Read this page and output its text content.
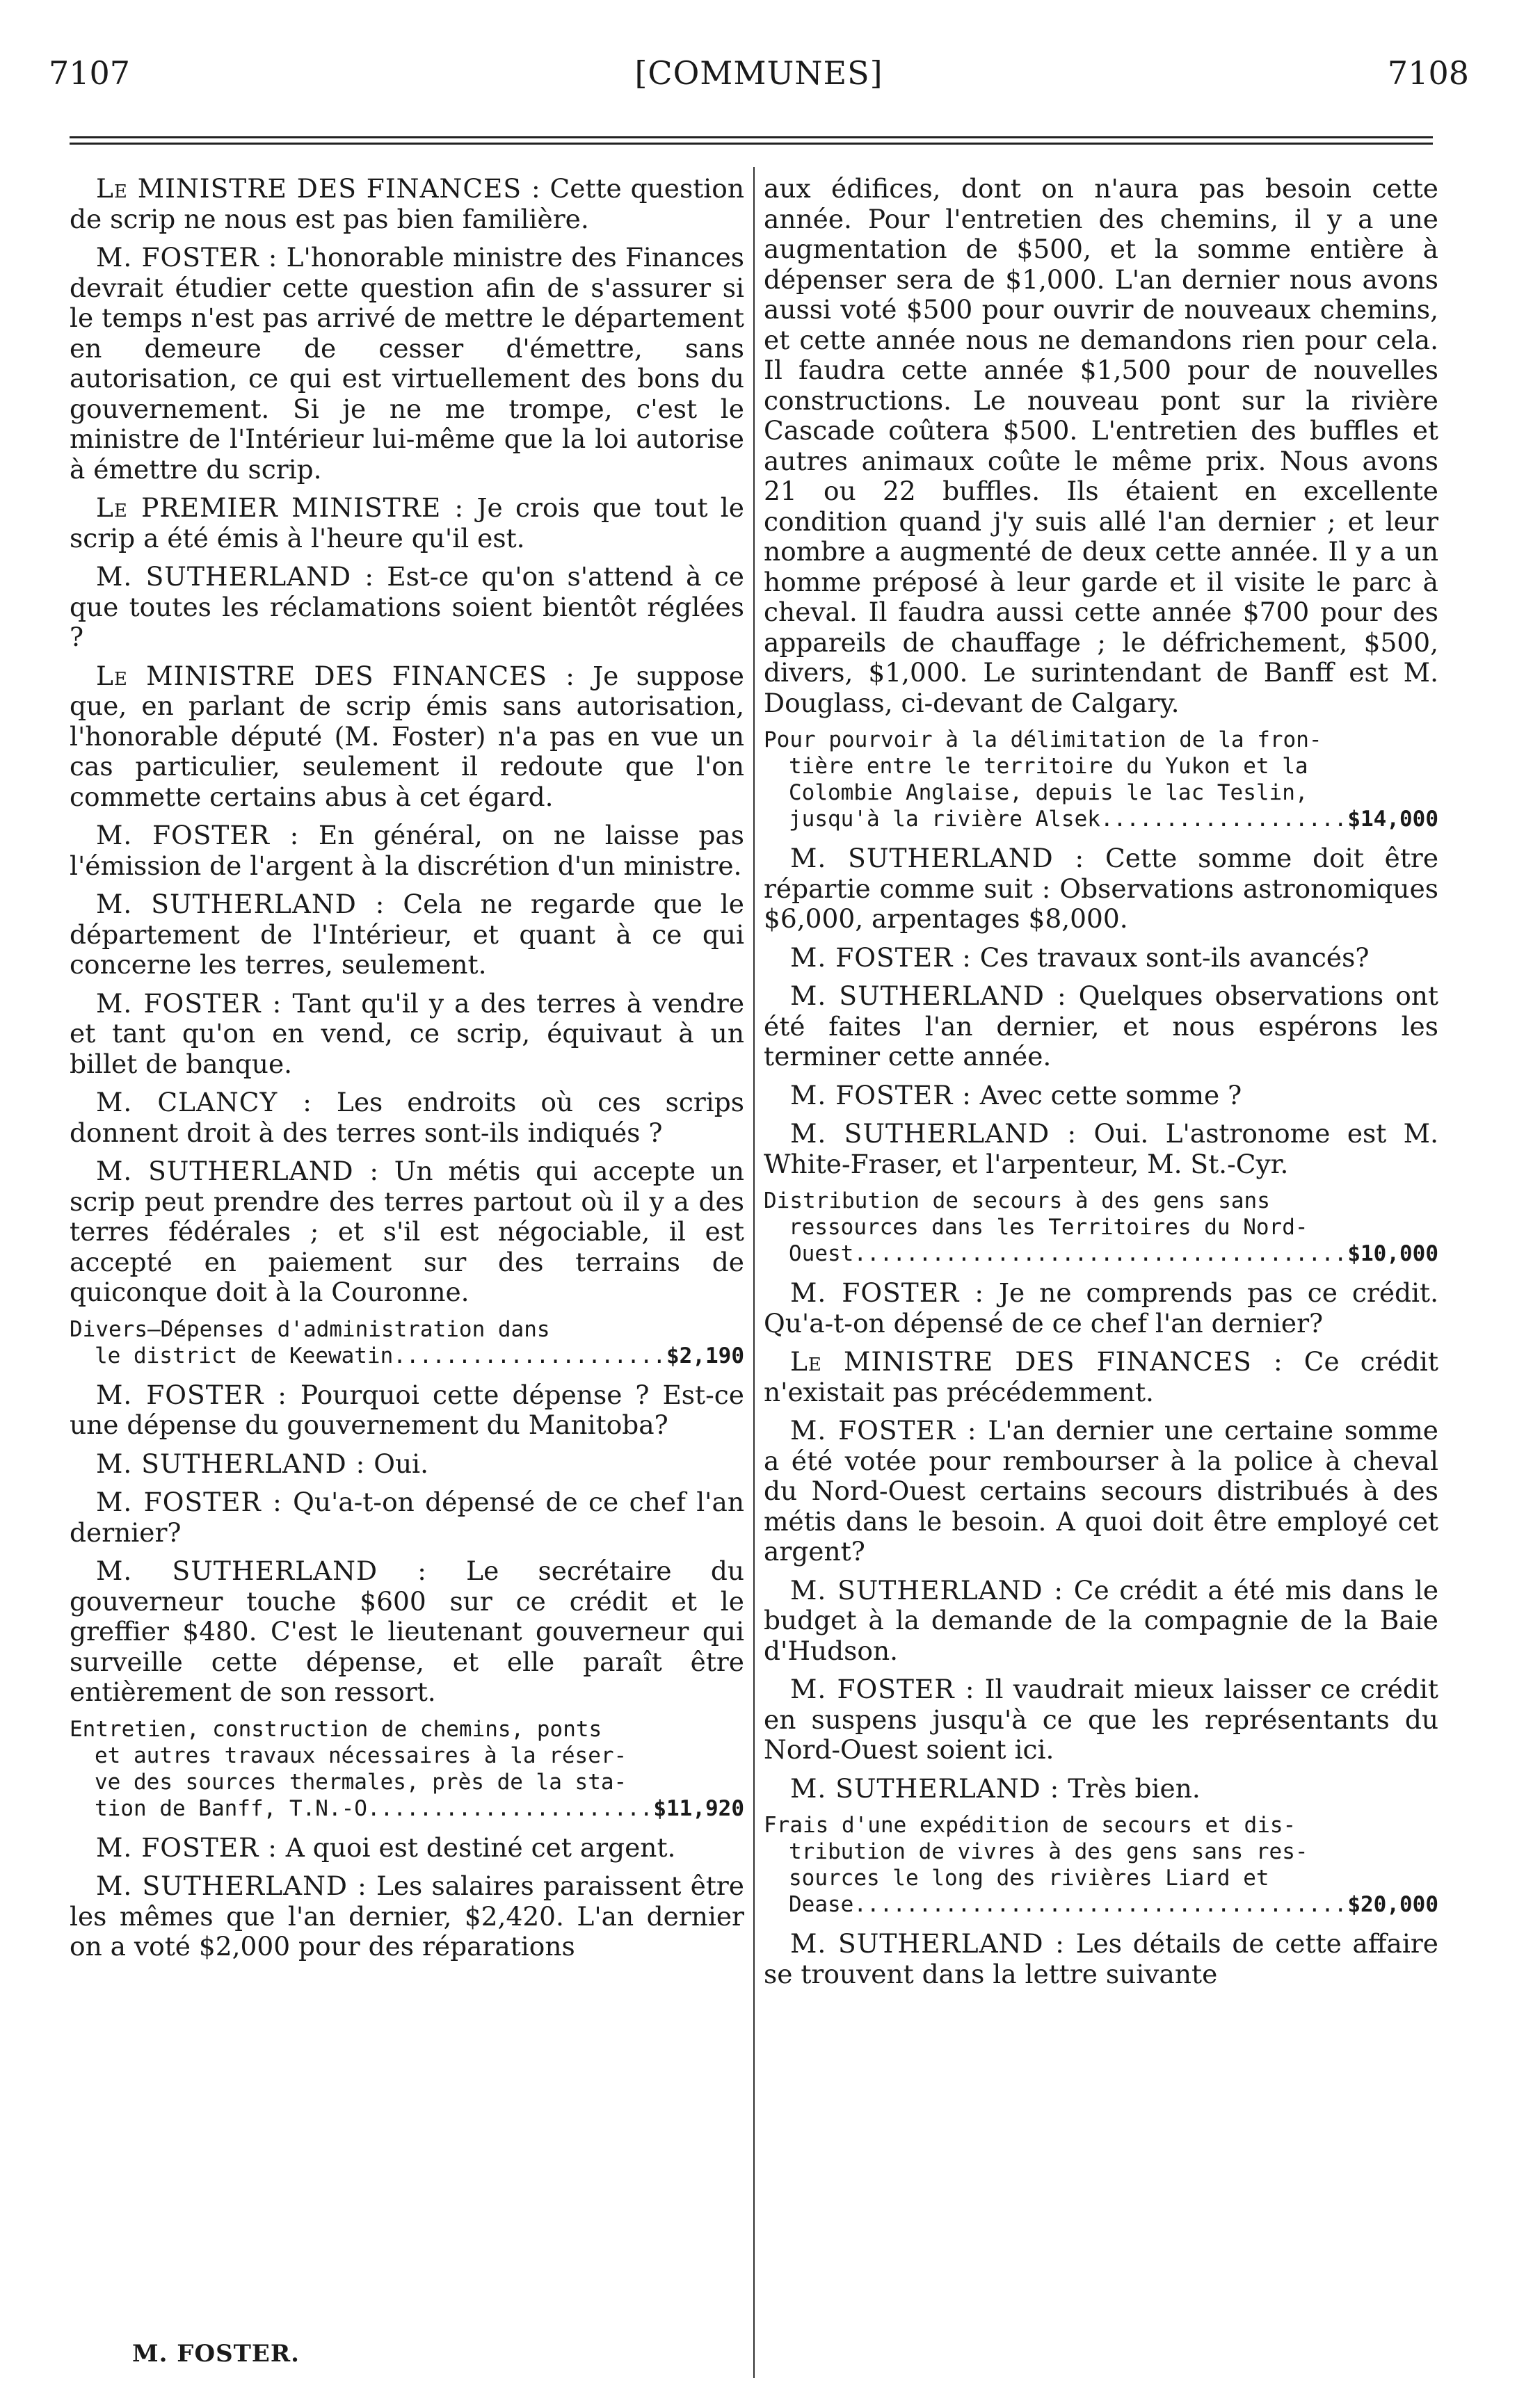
7107	[COMMUNES]	7108

Le MINISTRE DES FINANCES : Cette question de scrip ne nous est pas bien familière.

M. FOSTER : L'honorable ministre des Finances devrait étudier cette question afin de s'assurer si le temps n'est pas arrivé de mettre le département en demeure de cesser d'émettre, sans autorisation, ce qui est virtuellement des bons du gouvernement. Si je ne me trompe, c'est le ministre de l'Intérieur lui-même que la loi autorise à émettre du scrip.

Le PREMIER MINISTRE : Je crois que tout le scrip a été émis à l'heure qu'il est.

M. SUTHERLAND : Est-ce qu'on s'attend à ce que toutes les réclamations soient bientôt réglées ?

Le MINISTRE DES FINANCES : Je suppose que, en parlant de scrip émis sans autorisation, l'honorable député (M. Foster) n'a pas en vue un cas particulier, seulement il redoute que l'on commette certains abus à cet égard.

M. FOSTER : En général, on ne laisse pas l'émission de l'argent à la discrétion d'un ministre.

M. SUTHERLAND : Cela ne regarde que le département de l'Intérieur, et quant à ce qui concerne les terres, seulement.

M. FOSTER : Tant qu'il y a des terres à vendre et tant qu'on en vend, ce scrip, équivaut à un billet de banque.

M. CLANCY : Les endroits où ces scrips donnent droit à des terres sont-ils indiqués ?

M. SUTHERLAND : Un métis qui accepte un scrip peut prendre des terres partout où il y a des terres fédérales ; et s'il est négociable, il est accepté en paiement sur des terrains de quiconque doit à la Couronne.

Divers—Dépenses d'administration dans
le district de Keewatin .....	$2,190

M. FOSTER : Pourquoi cette dépense ? Est-ce une dépense du gouvernement du Manitoba?

M. SUTHERLAND : Oui.

M. FOSTER : Qu'a-t-on dépensé de ce chef l'an dernier?

M. SUTHERLAND : Le secrétaire du gouverneur touche $600 sur ce crédit et le greffier $480. C'est le lieutenant gouverneur qui surveille cette dépense, et elle paraît être entièrement de son ressort.

Entretien, construction de chemins, ponts
et autres travaux nécessaires à la réser-
ve des sources thermales, près de la sta-
tion de Banff, T.N.-O. .....	$11,920

M. FOSTER : A quoi est destiné cet argent.

M. SUTHERLAND : Les salaires paraissent être les mêmes que l'an dernier, $2,420. L'an dernier on a voté $2,000 pour des réparations

aux édifices, dont on n'aura pas besoin cette année. Pour l'entretien des chemins, il y a une augmentation de $500, et la somme entière à dépenser sera de $1,000. L'an dernier nous avons aussi voté $500 pour ouvrir de nouveaux chemins, et cette année nous ne demandons rien pour cela. Il faudra cette année $1,500 pour de nouvelles constructions. Le nouveau pont sur la rivière Cascade coûtera $500. L'entretien des buffles et autres animaux coûte le même prix. Nous avons 21 ou 22 buffles. Ils étaient en excellente condition quand j'y suis allé l'an dernier ; et leur nombre a augmenté de deux cette année. Il y a un homme préposé à leur garde et il visite le parc à cheval. Il faudra aussi cette année $700 pour des appareils de chauffage ; le défrichement, $500, divers, $1,000. Le surintendant de Banff est M. Douglass, ci-devant de Calgary.

Pour pourvoir à la délimitation de la fron-
tière entre le territoire du Yukon et la
Colombie Anglaise, depuis le lac Teslin,
jusqu'à la rivière Alsek .....	$14,000

M. SUTHERLAND : Cette somme doit être répartie comme suit : Observations astronomiques $6,000, arpentages $8,000.

M. FOSTER : Ces travaux sont-ils avancés?

M. SUTHERLAND : Quelques observations ont été faites l'an dernier, et nous espérons les terminer cette année.

M. FOSTER : Avec cette somme ?

M. SUTHERLAND : Oui. L'astronome est M. White-Fraser, et l'arpenteur, M. St.-Cyr.

Distribution de secours à des gens sans
ressources dans les Territoires du Nord-
Ouest .....	$10,000

M. FOSTER : Je ne comprends pas ce crédit. Qu'a-t-on dépensé de ce chef l'an dernier?

Le MINISTRE DES FINANCES : Ce crédit n'existait pas précédemment.

M. FOSTER : L'an dernier une certaine somme a été votée pour rembourser à la police à cheval du Nord-Ouest certains secours distribués à des métis dans le besoin. A quoi doit être employé cet argent?

M. SUTHERLAND : Ce crédit a été mis dans le budget à la demande de la compagnie de la Baie d'Hudson.

M. FOSTER : Il vaudrait mieux laisser ce crédit en suspens jusqu'à ce que les représentants du Nord-Ouest soient ici.

M. SUTHERLAND : Très bien.

Frais d'une expédition de secours et dis-
tribution de vivres à des gens sans res-
sources le long des rivières Liard et
Dease .....	$20,000

M. SUTHERLAND : Les détails de cette affaire se trouvent dans la lettre suivante

M. FOSTER.
